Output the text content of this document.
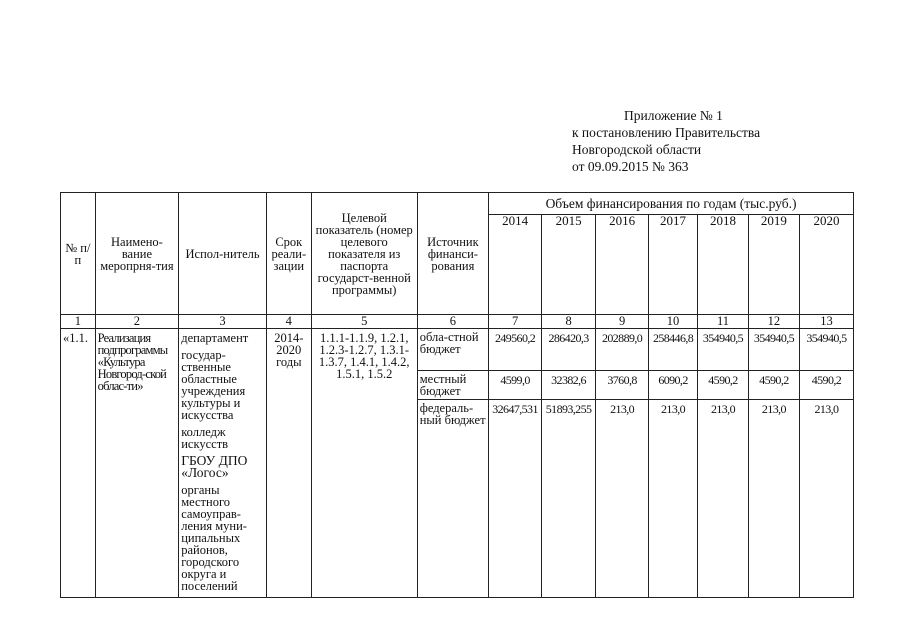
Приложение № 1
к постановлению Правительства
Новгородской области
от 09.09.2015 № 363
№ п/п	Наимено-вание меропрня-тия	Испол-нитель	Срок реали-зации	Целевой показатель (номер целевого показателя из паспорта государст-венной программы)	Источник финанси-рования	Объем финансирования по годам (тыс.руб.)						
						2014	2015	2016	2017	2018	2019	2020
1	2	3	4	5	6	7	8	9	10	11	12	13
«1.1.	Реализация подпрограммы «Культура Новгород-ской облас-ти»	департамент
государ-ственные областные учреждения культуры и искусства
колледж искусств
ГБОУ ДПО «Логос»
органы местного самоуправ-ления муни-ципальных районов, городского округа и поселений	2014-2020 годы	1.1.1-1.1.9, 1.2.1, 1.2.3-1.2.7, 1.3.1-1.3.7, 1.4.1, 1.4.2, 1.5.1, 1.5.2	обла-стной бюджет	249560,2	286420,3	202889,0	258446,8	354940,5	354940,5	354940,5
					местный бюджет	4599,0	32382,6	3760,8	6090,2	4590,2	4590,2	4590,2
					федераль-ный бюджет	32647,531	51893,255	213,0	213,0	213,0	213,0	213,0
